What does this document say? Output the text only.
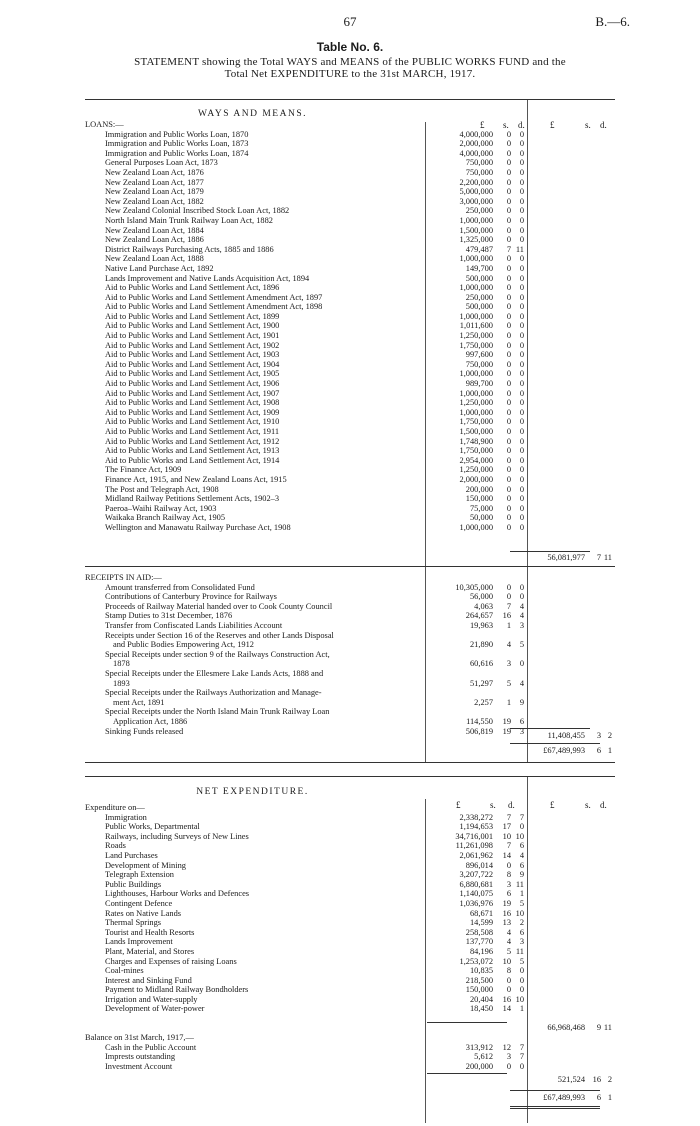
67	B.—6.
Table No. 6.
STATEMENT showing the Total WAYS and MEANS of the PUBLIC WORKS FUND and the
Total Net EXPENDITURE to the 31st MARCH, 1917.
WAYS AND MEANS.
£ s. d.	£	s. d.
LOANS:—
Immigration and Public Works Loan, 1870	4,000,000	0	0
Immigration and Public Works Loan, 1873	2,000,000	0	0
Immigration and Public Works Loan, 1874	4,000,000	0	0
General Purposes Loan Act, 1873	750,000	0	0
New Zealand Loan Act, 1876	750,000	0	0
New Zealand Loan Act, 1877	2,200,000	0	0
New Zealand Loan Act, 1879	5,000,000	0	0
New Zealand Loan Act, 1882	3,000,000	0	0
New Zealand Colonial Inscribed Stock Loan Act, 1882	250,000	0	0
North Island Main Trunk Railway Loan Act, 1882	1,000,000	0	0
New Zealand Loan Act, 1884	1,500,000	0	0
New Zealand Loan Act, 1886	1,325,000	0	0
District Railways Purchasing Acts, 1885 and 1886	479,487	7 11
New Zealand Loan Act, 1888	1,000,000	0	0
Native Land Purchase Act, 1892	149,700	0	0
Lands Improvement and Native Lands Acquisition Act, 1894	500,000	0	0
Aid to Public Works and Land Settlement Act, 1896	1,000,000	0	0
Aid to Public Works and Land Settlement Amendment Act, 1897	250,000	0	0
Aid to Public Works and Land Settlement Amendment Act, 1898	500,000	0	0
Aid to Public Works and Land Settlement Act, 1899	1,000,000	0	0
Aid to Public Works and Land Settlement Act, 1900	1,011,600	0	0
Aid to Public Works and Land Settlement Act, 1901	1,250,000	0	0
Aid to Public Works and Land Settlement Act, 1902	1,750,000	0	0
Aid to Public Works and Land Settlement Act, 1903	997,600	0	0
Aid to Public Works and Land Settlement Act, 1904	750,000	0	0
Aid to Public Works and Land Settlement Act, 1905	1,000,000	0	0
Aid to Public Works and Land Settlement Act, 1906	989,700	0	0
Aid to Public Works and Land Settlement Act, 1907	1,000,000	0	0
Aid to Public Works and Land Settlement Act, 1908	1,250,000	0	0
Aid to Public Works and Land Settlement Act, 1909	1,000,000	0	0
Aid to Public Works and Land Settlement Act, 1910	1,750,000	0	0
Aid to Public Works and Land Settlement Act, 1911	1,500,000	0	0
Aid to Public Works and Land Settlement Act, 1912	1,748,900	0	0
Aid to Public Works and Land Settlement Act, 1913	1,750,000	0	0
Aid to Public Works and Land Settlement Act, 1914	2,954,000	0	0
The Finance Act, 1909	1,250,000	0	0
Finance Act, 1915, and New Zealand Loans Act, 1915	2,000,000	0	0
The Post and Telegraph Act, 1908	200,000	0	0
Midland Railway Petitions Settlement Acts, 1902–3	150,000	0	0
Paeroa–Waihi Railway Act, 1903	75,000	0	0
Waikaka Branch Railway Act, 1905	50,000	0	0
Wellington and Manawatu Railway Purchase Act, 1908	1,000,000	0	0
56,081,977	7 11
RECEIPTS IN AID:—
Amount transferred from Consolidated Fund	10,305,000	0	0
Contributions of Canterbury Province for Railways	56,000	0	0
Proceeds of Railway Material handed over to Cook County Council	4,063	7	4
Stamp Duties to 31st December, 1876	264,657	16	4
Transfer from Confiscated Lands Liabilities Account	19,963	1	3
Receipts under Section 16 of the Reserves and other Lands Disposal
and Public Bodies Empowering Act, 1912	21,890	4	5
Special Receipts under section 9 of the Railways Construction Act,
1878	60,616	3	0
Special Receipts under the Ellesmere Lake Lands Acts, 1888 and
1893	51,297	5	4
Special Receipts under the Railways Authorization and Manage-
ment Act, 1891	2,257	1	9
Special Receipts under the North Island Main Trunk Railway Loan
Application Act, 1886	114,550	19	6
Sinking Funds released	506,819	19	3	11,408,455	3 2
£67,489,993	6 1
NET EXPENDITURE.
£	s. d.	£	s. d.
Expenditure on—
Immigration	2,338,272	7	7
Public Works, Departmental	1,194,653	17	0
Railways, including Surveys of New Lines	34,716,001	10 10
Roads	11,261,098	7	6
Land Purchases	2,061,962	14	4
Development of Mining	896,014	0	6
Telegraph Extension	3,207,722	8	9
Public Buildings	6,880,681	3 11
Lighthouses, Harbour Works and Defences	1,140,075	6	1
Contingent Defence	1,036,976	19	5
Rates on Native Lands	68,671	16 10
Thermal Springs	14,599	13	2
Tourist and Health Resorts	258,508	4	6
Lands Improvement	137,770	4	3
Plant, Material, and Stores	84,196	5 11
Charges and Expenses of raising Loans	1,253,072	10	5
Coal-mines	10,835	8	0
Interest and Sinking Fund	218,500	0	0
Payment to Midland Railway Bondholders	150,000	0	0
Irrigation and Water-supply	20,404	16 10
Development of Water-power	18,450	14	1
66,968,468	9 11
Balance on 31st March, 1917,—
Cash in the Public Account	313,912	12	7
Imprests outstanding	5,612	3	7
Investment Account	200,000	0	0
521,524 16 2
£67,489,993	6 1
